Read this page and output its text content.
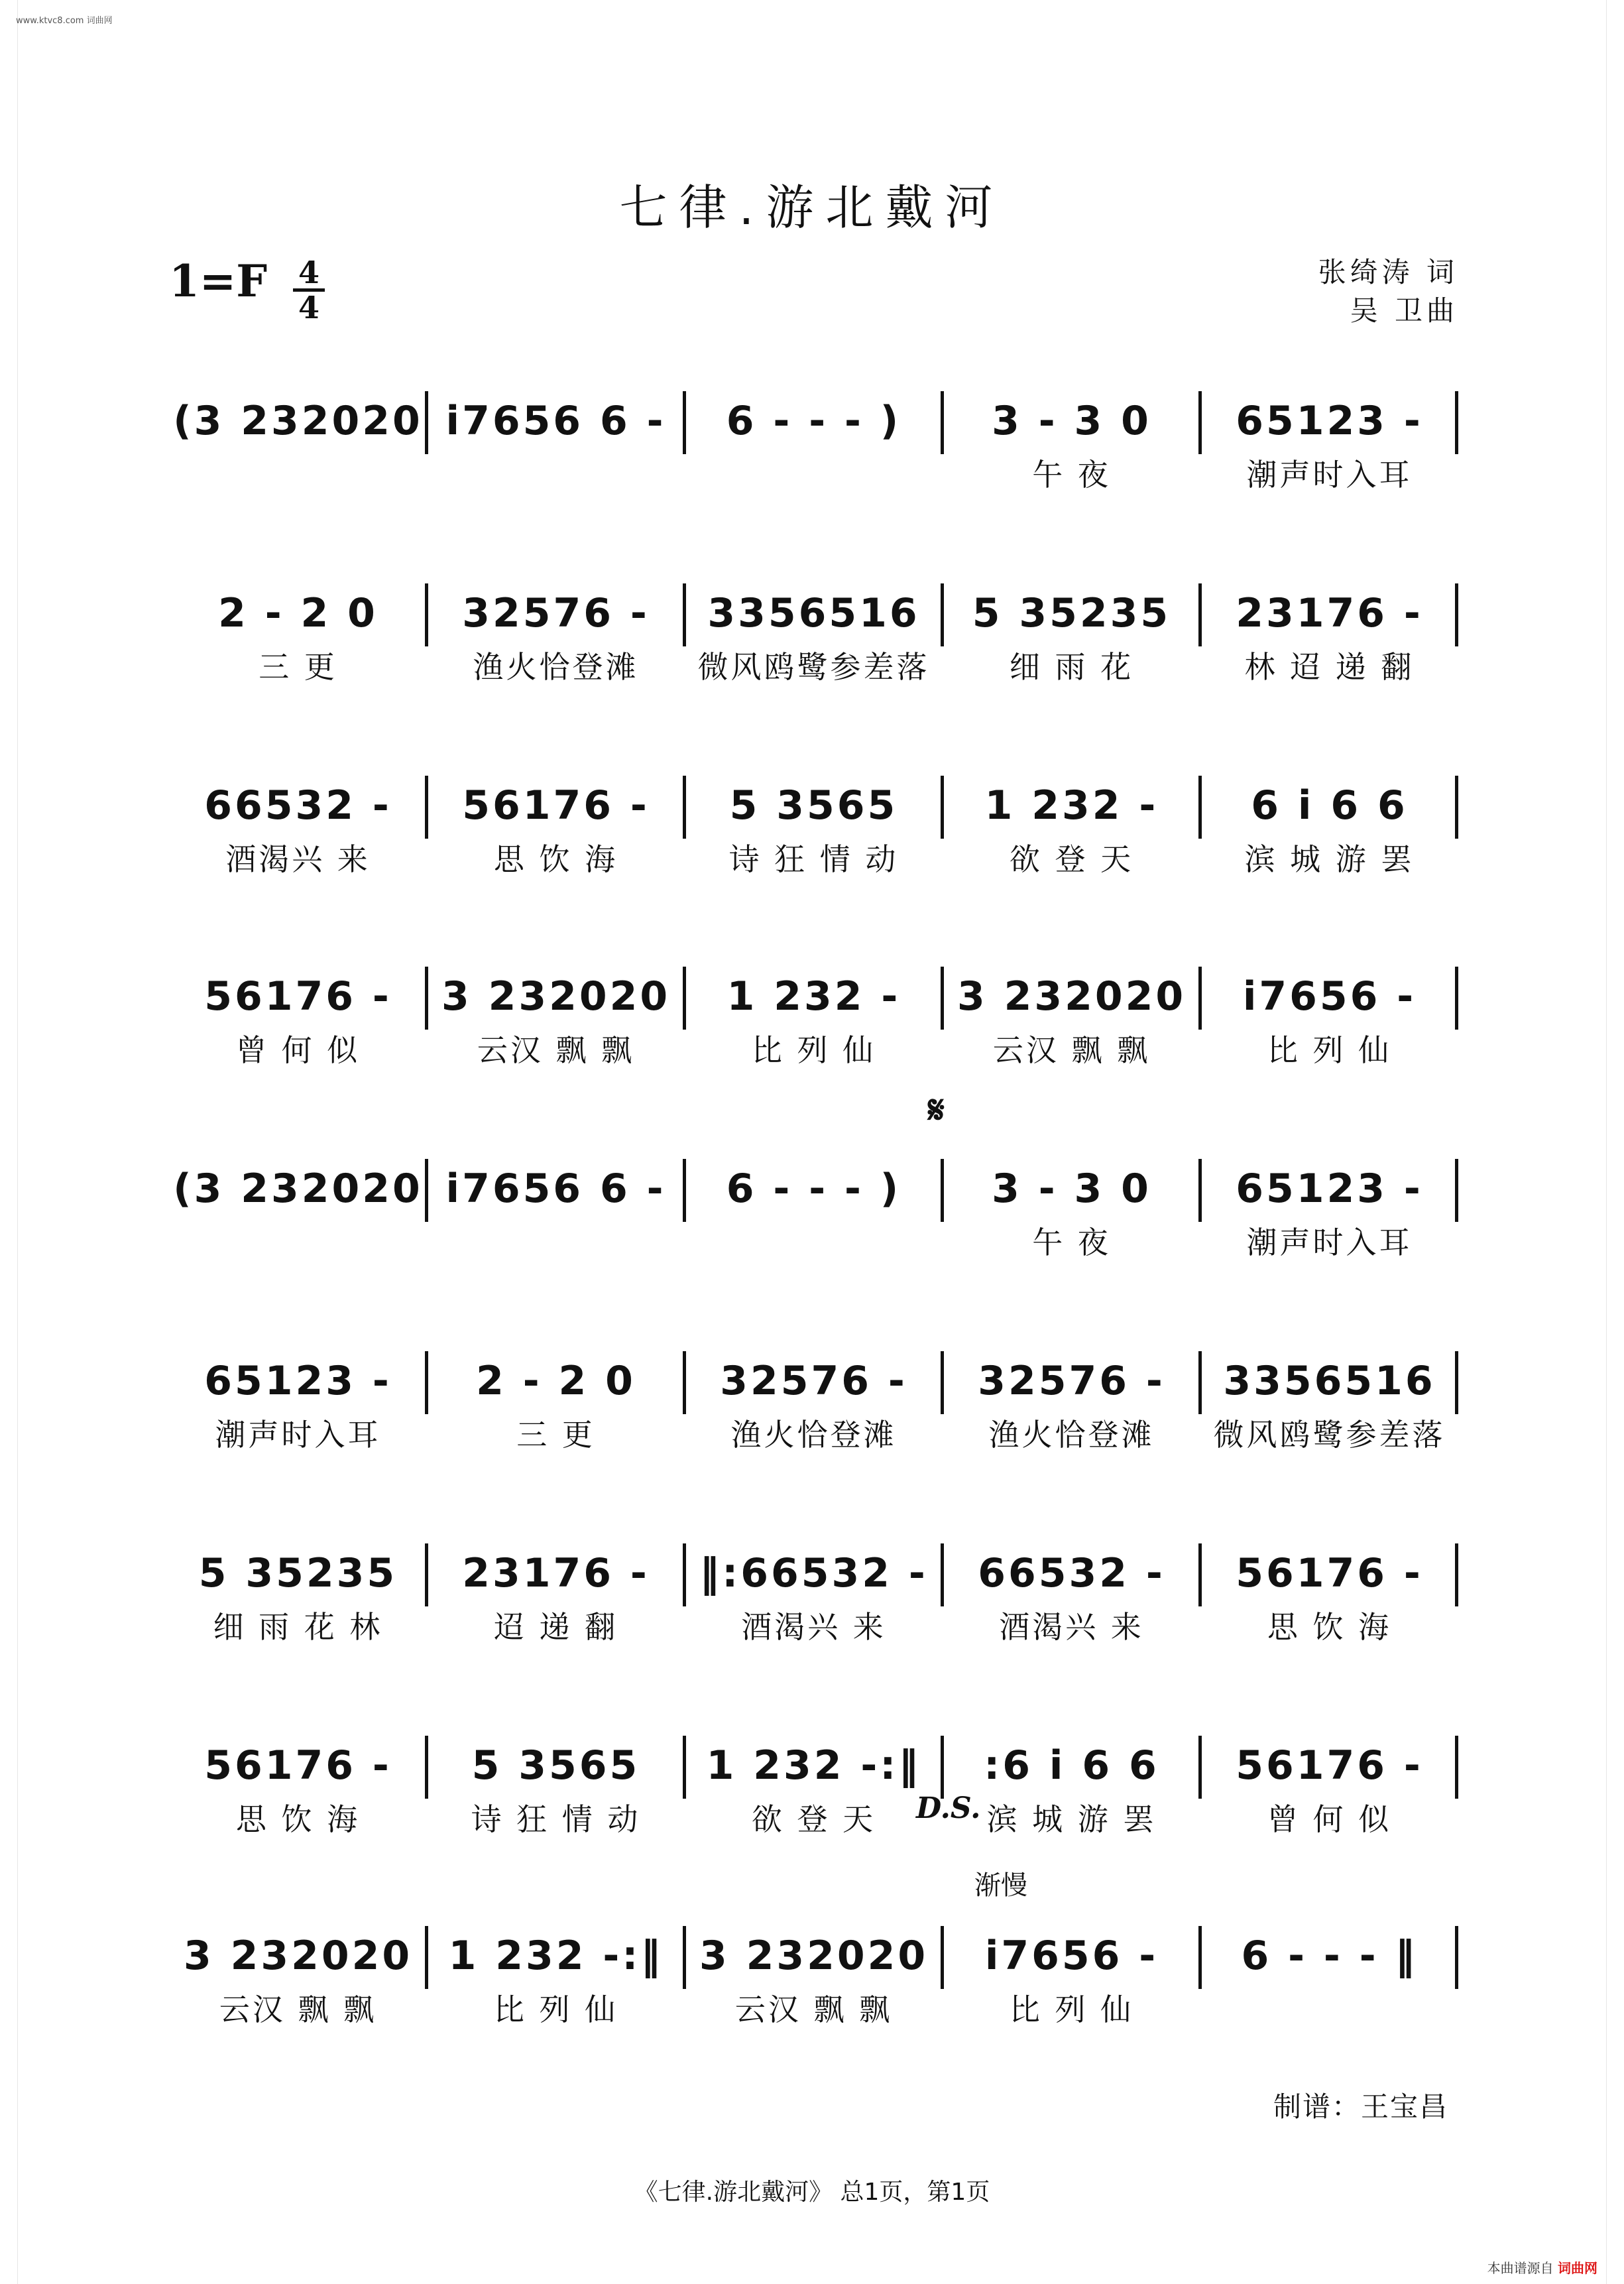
www.ktvc8.com 词曲网
七律.游北戴河
1=F 4
4
张绮涛 词
吴 卫曲
(3 232020 i7656 6 -	6 - - - )	3 - 3 0
午 夜
65123 -
潮声时入耳
2 - 2 0
三 更
32576 -
渔火恰登滩
3356516
微风鸥鹭参差落
5 35235
细 雨 花
23176 -
林 迢 递 翻
66532 -
酒渴兴 来
56176 -
思 饮 海
5 3565
诗 狂 情 动
1 232 -
欲 登 天
6 i 6 6
滨 城 游 罢
56176 -
曾 何 似
3 232020
云汉 飘 飘
1 232 -
比 列 仙
3 232020
云汉 飘 飘
i7656 -
比 列 仙
(3 232020 i7656 6 -	6 - - - )	3 - 3 0
午 夜
65123 -
潮声时入耳
65123 -
潮声时入耳
2 - 2 0
三 更
32576 -
渔火恰登滩
32576 -
渔火恰登滩
3356516
微风鸥鹭参差落
5 35235
细 雨 花 林
23176 -
迢 递 翻
‖:66532 -
酒渴兴 来
66532 -
酒渴兴 来
56176 -
思 饮 海
56176 -
思 饮 海
5 3565
诗 狂 情 动
1 232 -:‖
欲 登 天
:6 i 6 6
滨 城 游 罢
56176 -
曾 何 似
3 232020
云汉 飘 飘
1 232 -:‖
比 列 仙
3 232020
云汉 飘 飘
i7656 -
比 列 仙
6 - - - ‖
𝄋
D.S.
渐慢
制谱：王宝昌
《七律.游北戴河》 总1页，第1页
本曲谱源自 词曲网
